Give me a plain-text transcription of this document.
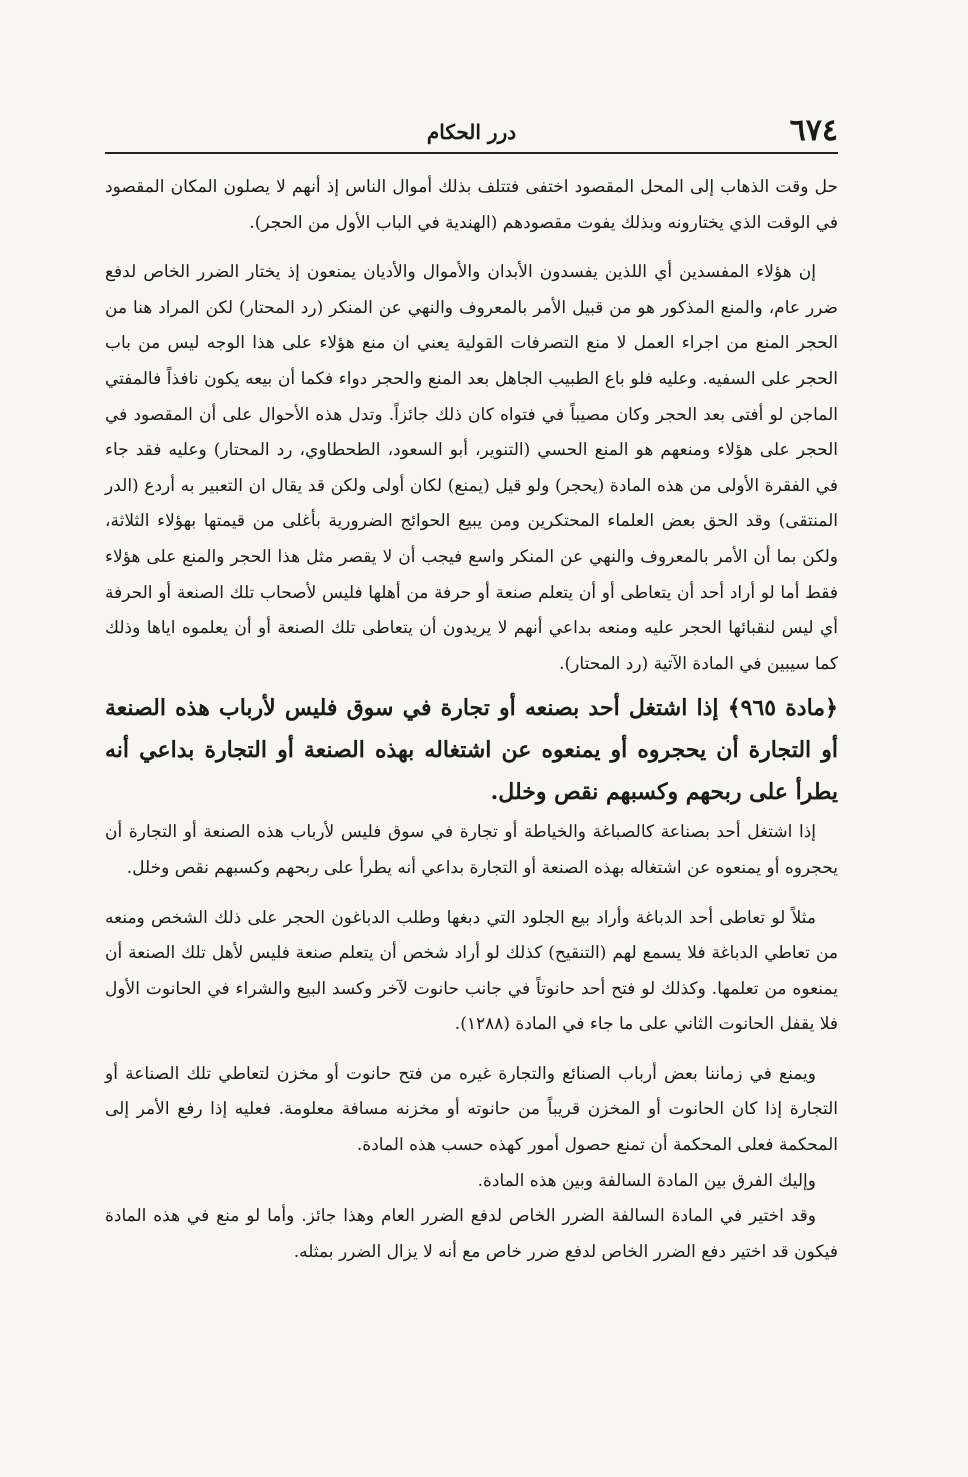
٦٧٤
درر الحكام

حل وقت الذهاب إلى المحل المقصود اختفى فتتلف بذلك أموال الناس إذ أنهم لا يصلون المكان المقصود في الوقت الذي يختارونه وبذلك يفوت مقصودهم (الهندية في الباب الأول من الحجر).

إن هؤلاء المفسدين أي اللذين يفسدون الأبدان والأموال والأديان يمنعون إذ يختار الضرر الخاص لدفع ضرر عام، والمنع المذكور هو من قبيل الأمر بالمعروف والنهي عن المنكر (رد المحتار) لكن المراد هنا من الحجر المنع من اجراء العمل لا منع التصرفات القولية يعني ان منع هؤلاء على هذا الوجه ليس من باب الحجر على السفيه. وعليه فلو باع الطبيب الجاهل بعد المنع والحجر دواء فكما أن بيعه يكون نافذاً فالمفتي الماجن لو أفتى بعد الحجر وكان مصيباً في فتواه كان ذلك جائزاً. وتدل هذه الأحوال على أن المقصود في الحجر على هؤلاء ومنعهم هو المنع الحسي (التنوير، أبو السعود، الطحطاوي، رد المحتار) وعليه فقد جاء في الفقرة الأولى من هذه المادة (يحجر) ولو قيل (يمنع) لكان أولى ولكن قد يقال ان التعبير به أردع (الدر المنتقى) وقد الحق بعض العلماء المحتكرين ومن يبيع الحوائج الضرورية بأغلى من قيمتها بهؤلاء الثلاثة، ولكن بما أن الأمر بالمعروف والنهي عن المنكر واسع فيجب أن لا يقصر مثل هذا الحجر والمنع على هؤلاء فقط أما لو أراد أحد أن يتعاطى أو أن يتعلم صنعة أو حرفة من أهلها فليس لأصحاب تلك الصنعة أو الحرفة أي ليس لنقبائها الحجر عليه ومنعه بداعي أنهم لا يريدون أن يتعاطى تلك الصنعة أو أن يعلموه اياها وذلك كما سيبين في المادة الآتية (رد المحتار).

﴿مادة ٩٦٥﴾ إذا اشتغل أحد بصنعه أو تجارة في سوق فليس لأرباب هذه الصنعة أو التجارة أن يحجروه أو يمنعوه عن اشتغاله بهذه الصنعة أو التجارة بداعي أنه يطرأ على ربحهم وكسبهم نقص وخلل.

إذا اشتغل أحد بصناعة كالصباغة والخياطة أو تجارة في سوق فليس لأرباب هذه الصنعة أو التجارة أن يحجروه أو يمنعوه عن اشتغاله بهذه الصنعة أو التجارة بداعي أنه يطرأ على ربحهم وكسبهم نقص وخلل.

مثلاً لو تعاطى أحد الدباغة وأراد بيع الجلود التي دبغها وطلب الدباغون الحجر على ذلك الشخص ومنعه من تعاطي الدباغة فلا يسمع لهم (التنقيح) كذلك لو أراد شخص أن يتعلم صنعة فليس لأهل تلك الصنعة أن يمنعوه من تعلمها. وكذلك لو فتح أحد حانوتاً في جانب حانوت لآخر وكسد البيع والشراء في الحانوت الأول فلا يقفل الحانوت الثاني على ما جاء في المادة (١٢٨٨).

ويمنع في زماننا بعض أرباب الصنائع والتجارة غيره من فتح حانوت أو مخزن لتعاطي تلك الصناعة أو التجارة إذا كان الحانوت أو المخزن قريباً من حانوته أو مخزنه مسافة معلومة. فعليه إذا رفع الأمر إلى المحكمة فعلى المحكمة أن تمنع حصول أمور كهذه حسب هذه المادة.

وإليك الفرق بين المادة السالفة وبين هذه المادة.

وقد اختير في المادة السالفة الضرر الخاص لدفع الضرر العام وهذا جائز. وأما لو منع في هذه المادة فيكون قد اختير دفع الضرر الخاص لدفع ضرر خاص مع أنه لا يزال الضرر بمثله.
